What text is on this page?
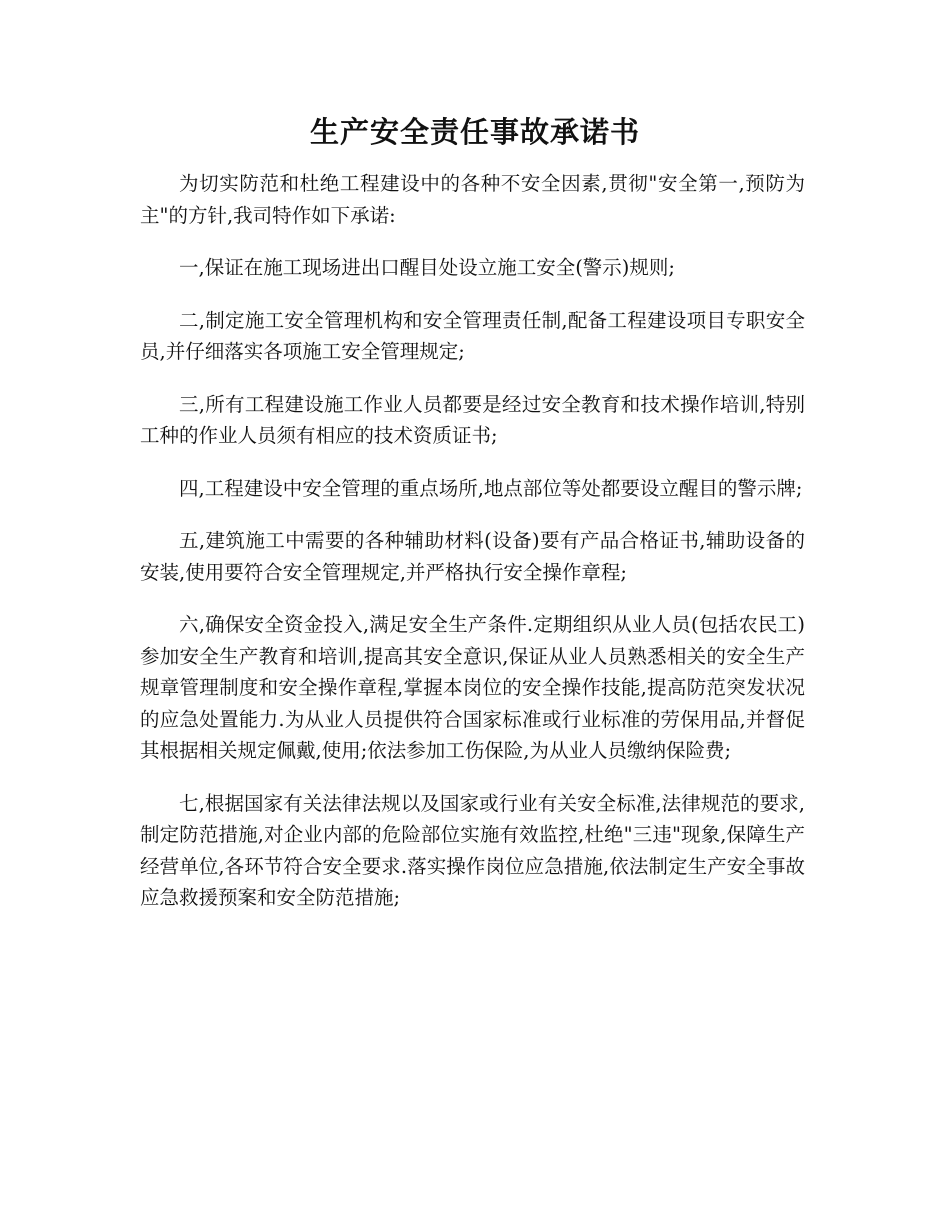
生产安全责任事故承诺书

为切实防范和杜绝工程建设中的各种不安全因素,贯彻"安全第一,预防为主"的方针,我司特作如下承诺:

一,保证在施工现场进出口醒目处设立施工安全(警示)规则;

二,制定施工安全管理机构和安全管理责任制,配备工程建设项目专职安全员,并仔细落实各项施工安全管理规定;

三,所有工程建设施工作业人员都要是经过安全教育和技术操作培训,特别工种的作业人员须有相应的技术资质证书;

四,工程建设中安全管理的重点场所,地点部位等处都要设立醒目的警示牌;

五,建筑施工中需要的各种辅助材料(设备)要有产品合格证书,辅助设备的安装,使用要符合安全管理规定,并严格执行安全操作章程;

六,确保安全资金投入,满足安全生产条件.定期组织从业人员(包括农民工)参加安全生产教育和培训,提高其安全意识,保证从业人员熟悉相关的安全生产规章管理制度和安全操作章程,掌握本岗位的安全操作技能,提高防范突发状况的应急处置能力.为从业人员提供符合国家标准或行业标准的劳保用品,并督促其根据相关规定佩戴,使用;依法参加工伤保险,为从业人员缴纳保险费;

七,根据国家有关法律法规以及国家或行业有关安全标准,法律规范的要求,制定防范措施,对企业内部的危险部位实施有效监控,杜绝"三违"现象,保障生产经营单位,各环节符合安全要求.落实操作岗位应急措施,依法制定生产安全事故应急救援预案和安全防范措施;
